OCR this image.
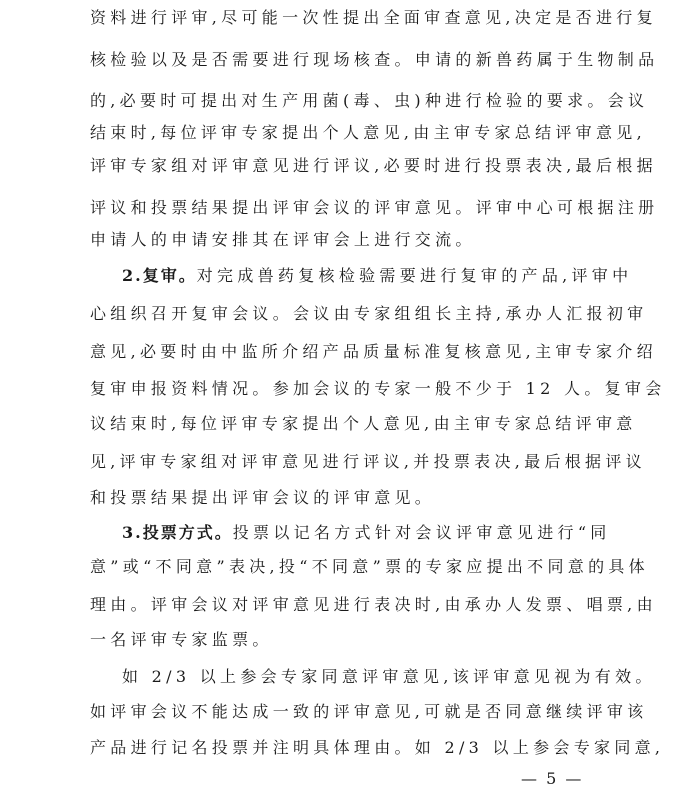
资料进行评审,尽可能一次性提出全面审查意见,决定是否进行复
核检验以及是否需要进行现场核查。申请的新兽药属于生物制品
的,必要时可提出对生产用菌(毒、虫)种进行检验的要求。会议
结束时,每位评审专家提出个人意见,由主审专家总结评审意见,
评审专家组对评审意见进行评议,必要时进行投票表决,最后根据
评议和投票结果提出评审会议的评审意见。评审中心可根据注册
申请人的申请安排其在评审会上进行交流。
2.复审。对完成兽药复核检验需要进行复审的产品,评审中
心组织召开复审会议。会议由专家组组长主持,承办人汇报初审
意见,必要时由中监所介绍产品质量标准复核意见,主审专家介绍
复审申报资料情况。参加会议的专家一般不少于 12 人。复审会
议结束时,每位评审专家提出个人意见,由主审专家总结评审意
见,评审专家组对评审意见进行评议,并投票表决,最后根据评议
和投票结果提出评审会议的评审意见。
3.投票方式。投票以记名方式针对会议评审意见进行“同
意”或“不同意”表决,投“不同意”票的专家应提出不同意的具体
理由。评审会议对评审意见进行表决时,由承办人发票、唱票,由
一名评审专家监票。
如 2/3 以上参会专家同意评审意见,该评审意见视为有效。
如评审会议不能达成一致的评审意见,可就是否同意继续评审该
产品进行记名投票并注明具体理由。如 2/3 以上参会专家同意,
— 5 —
